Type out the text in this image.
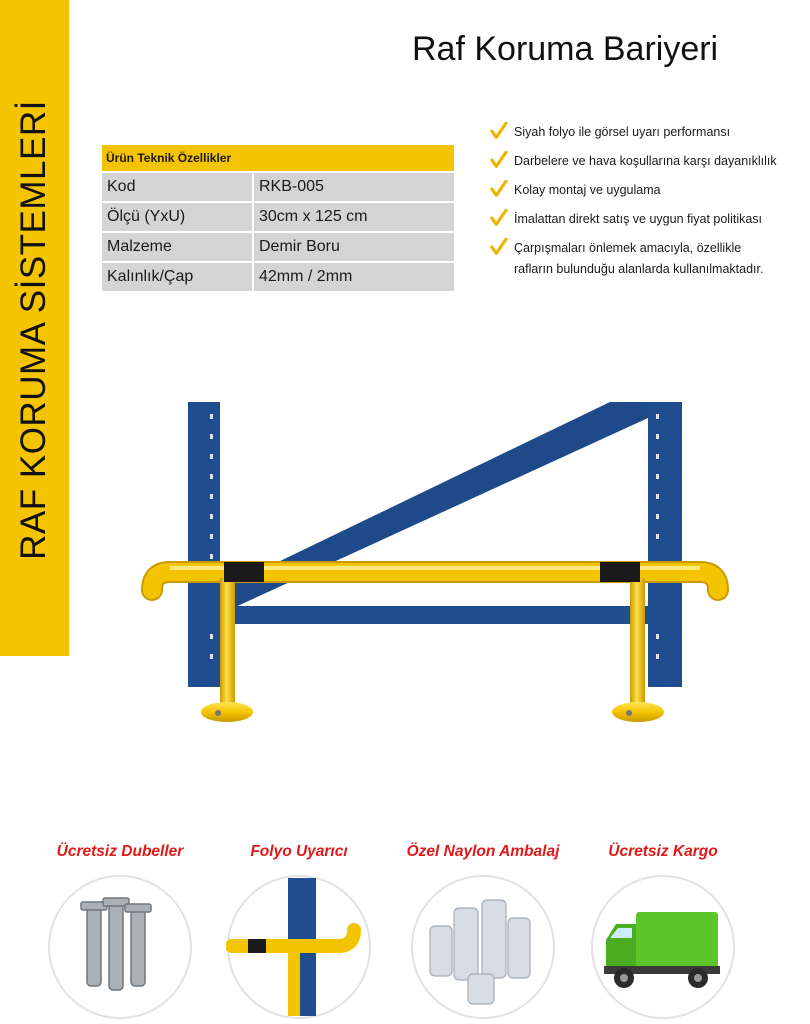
RAF KORUMA SİSTEMLERİ
Raf Koruma Bariyeri
Ürün Teknik Özellikler	
Kod	RKB-005
Ölçü (YxU)	30cm x 125 cm
Malzeme	Demir Boru
Kalınlık/Çap	42mm / 2mm
Siyah folyo ile görsel uyarı performansı
Darbelere ve hava koşullarına karşı dayanıklılık
Kolay montaj ve uygulama
İmalattan direkt satış ve uygun fiyat politikası
Çarpışmaları önlemek amacıyla, özellikle
rafların bulunduğu alanlarda kullanılmaktadır.
Ücretsiz Dubeller	Folyo Uyarıcı	Özel Naylon Ambalaj	Ücretsiz Kargo
